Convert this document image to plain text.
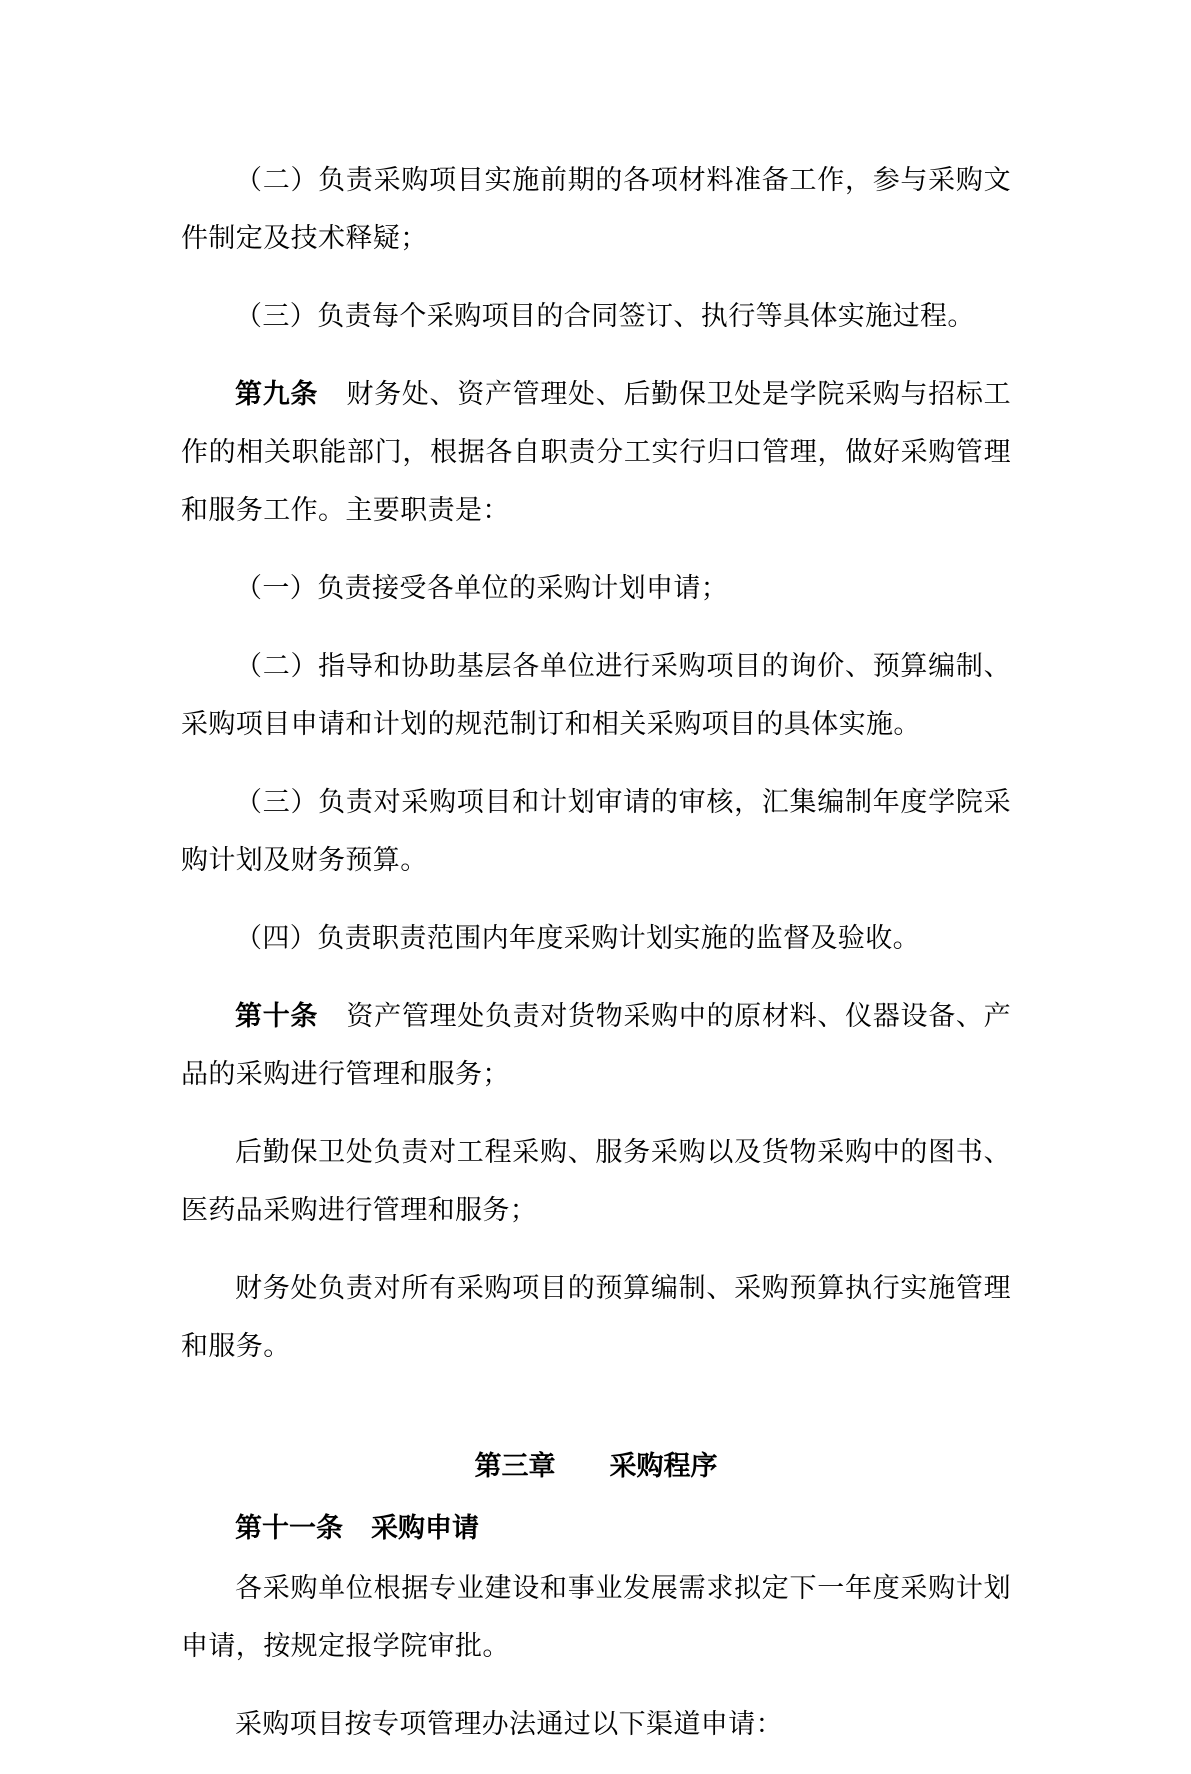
（二）负责采购项目实施前期的各项材料准备工作，参与采购文件制定及技术释疑；

（三）负责每个采购项目的合同签订、执行等具体实施过程。

第九条 财务处、资产管理处、后勤保卫处是学院采购与招标工作的相关职能部门，根据各自职责分工实行归口管理，做好采购管理和服务工作。主要职责是：

（一）负责接受各单位的采购计划申请；

（二）指导和协助基层各单位进行采购项目的询价、预算编制、采购项目申请和计划的规范制订和相关采购项目的具体实施。

（三）负责对采购项目和计划审请的审核，汇集编制年度学院采购计划及财务预算。

（四）负责职责范围内年度采购计划实施的监督及验收。

第十条 资产管理处负责对货物采购中的原材料、仪器设备、产品的采购进行管理和服务；

后勤保卫处负责对工程采购、服务采购以及货物采购中的图书、医药品采购进行管理和服务；

财务处负责对所有采购项目的预算编制、采购预算执行实施管理和服务。

第三章 采购程序
第十一条 采购申请

各采购单位根据专业建设和事业发展需求拟定下一年度采购计划申请，按规定报学院审批。

采购项目按专项管理办法通过以下渠道申请：
